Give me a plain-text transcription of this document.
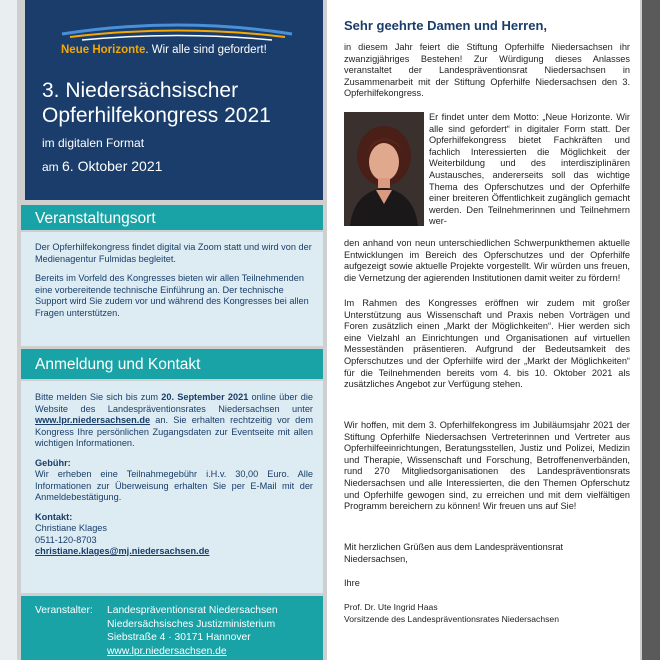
Neue Horizonte. Wir alle sind gefordert!
3. Niedersächsischer
Opferhilfekongress 2021
im digitalen Format
am 6. Oktober 2021
Veranstaltungsort

Der Opferhilfekongress findet digital via Zoom statt und wird von der Medienagentur Fulmidas begleitet.

Bereits im Vorfeld des Kongresses bieten wir allen Teilnehmenden eine vorbereitende technische Einführung an. Der technische Support wird Sie zudem vor und während des Kongresses bei allen Fragen unterstützen.

Anmeldung und Kontakt

Bitte melden Sie sich bis zum 20. September 2021 online über die Website des Landespräventionsrates Niedersachsen unter www.lpr.niedersachsen.de an. Sie erhalten rechtzeitig vor dem Kongress Ihre persönlichen Zugangsdaten zur Eventseite mit allen wichtigen Informationen.

Gebühr:
Wir erheben eine Teilnahmegebühr i.H.v. 30,00 Euro. Alle Informationen zur Überweisung erhalten Sie per E-Mail mit der Anmeldebestätigung.

Kontakt:
Christiane Klages
0511-120-8703
christiane.klages@mj.niedersachsen.de

Veranstalter: Landespräventionsrat Niedersachsen
Niedersächsisches Justizministerium
Siebstraße 4 · 30171 Hannover
www.lpr.niedersachsen.de
Sehr geehrte Damen und Herren,
in diesem Jahr feiert die Stiftung Opferhilfe Niedersachsen ihr zwanzigjähriges Bestehen! Zur Würdigung dieses Anlasses veranstaltet der Landespräventionsrat Niedersachsen in Zusammenarbeit mit der Stiftung Opferhilfe Niedersachsen den 3. Opferhilfekongress.
Er findet unter dem Motto: „Neue Horizonte. Wir alle sind gefordert“ in digitaler Form statt. Der Opferhilfekongress bietet Fachkräften und fachlich Interessierten die Möglichkeit der Weiterbildung und des interdisziplinären Austausches, andererseits soll das wichtige Thema des Opferschutzes und der Opferhilfe einer breiteren Öffentlichkeit zugänglich gemacht werden. Den Teilnehmerinnen und Teilnehmern wer-
den anhand von neun unterschiedlichen Schwerpunkthemen aktuelle Entwicklungen im Bereich des Opferschutzes und der Opferhilfe aufgezeigt sowie aktuelle Projekte vorgestellt. Wir würden uns freuen, die Vernetzung der agierenden Institutionen damit weiter zu fördern!
Im Rahmen des Kongresses eröffnen wir zudem mit großer Unterstützung aus Wissenschaft und Praxis neben Vorträgen und Foren zusätzlich einen „Markt der Möglichkeiten“. Hier werden sich eine Vielzahl an Einrichtungen und Organisationen auf virtuellen Messeständen präsentieren. Aufgrund der Bedeutsamkeit des Opferschutzes und der Opferhilfe wird der „Markt der Möglichkeiten“ für die Teilnehmenden bereits vom 4. bis 10. Oktober 2021 als zusätzliches Angebot zur Verfügung stehen.
Wir hoffen, mit dem 3. Opferhilfekongress im Jubiläumsjahr 2021 der Stiftung Opferhilfe Niedersachsen Vertreterinnen und Vertreter aus Opferhilfeeinrichtungen, Beratungsstellen, Justiz und Polizei, Medizin und Therapie, Wissenschaft und Forschung, Betroffenenverbänden, rund 270 Mitgliedsorganisationen des Landespräventionsrats Niedersachsen und alle Interessierten, die den Themen Opferschutz und Opferhilfe gewogen sind, zu erreichen und mit dem vielfältigen Programm bereichern zu können! Wir freuen uns auf Sie!
Mit herzlichen Grüßen aus dem Landespräventionsrat Niedersachsen,
Ihre
Prof. Dr. Ute Ingrid Haas
Vorsitzende des Landespräventionsrates Niedersachsen
